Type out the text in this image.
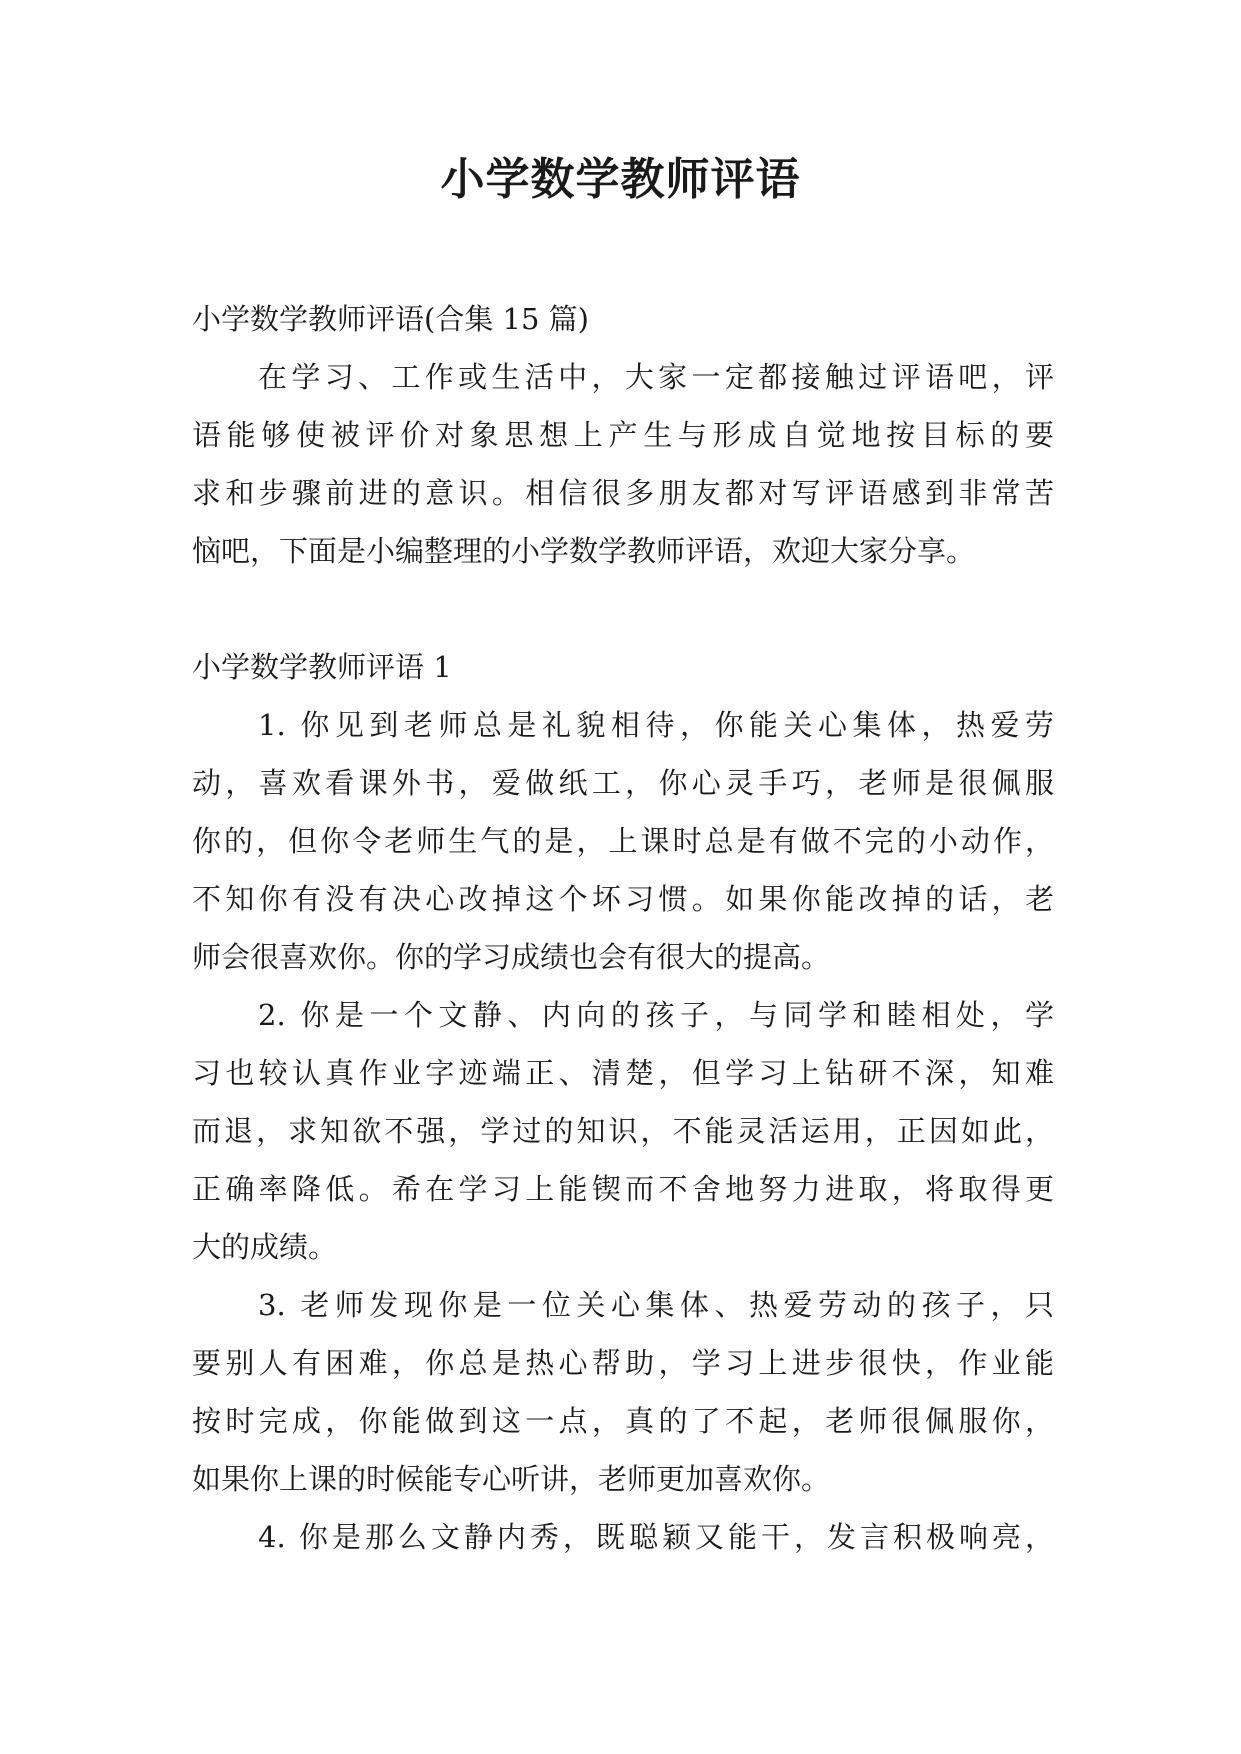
小学数学教师评语
小学数学教师评语(合集 15 篇)
在学习、工作或生活中，大家一定都接触过评语吧，评
语能够使被评价对象思想上产生与形成自觉地按目标的要
求和步骤前进的意识。相信很多朋友都对写评语感到非常苦
恼吧，下面是小编整理的小学数学教师评语，欢迎大家分享。
小学数学教师评语 1
1. 你见到老师总是礼貌相待，你能关心集体，热爱劳
动，喜欢看课外书，爱做纸工，你心灵手巧，老师是很佩服
你的，但你令老师生气的是，上课时总是有做不完的小动作，
不知你有没有决心改掉这个坏习惯。如果你能改掉的话，老
师会很喜欢你。你的学习成绩也会有很大的提高。
2. 你是一个文静、内向的孩子，与同学和睦相处，学
习也较认真作业字迹端正、清楚，但学习上钻研不深，知难
而退，求知欲不强，学过的知识，不能灵活运用，正因如此，
正确率降低。希在学习上能锲而不舍地努力进取，将取得更
大的成绩。
3. 老师发现你是一位关心集体、热爱劳动的孩子，只
要别人有困难，你总是热心帮助，学习上进步很快，作业能
按时完成，你能做到这一点，真的了不起，老师很佩服你，
如果你上课的时候能专心听讲，老师更加喜欢你。
4. 你是那么文静内秀，既聪颖又能干，发言积极响亮，
